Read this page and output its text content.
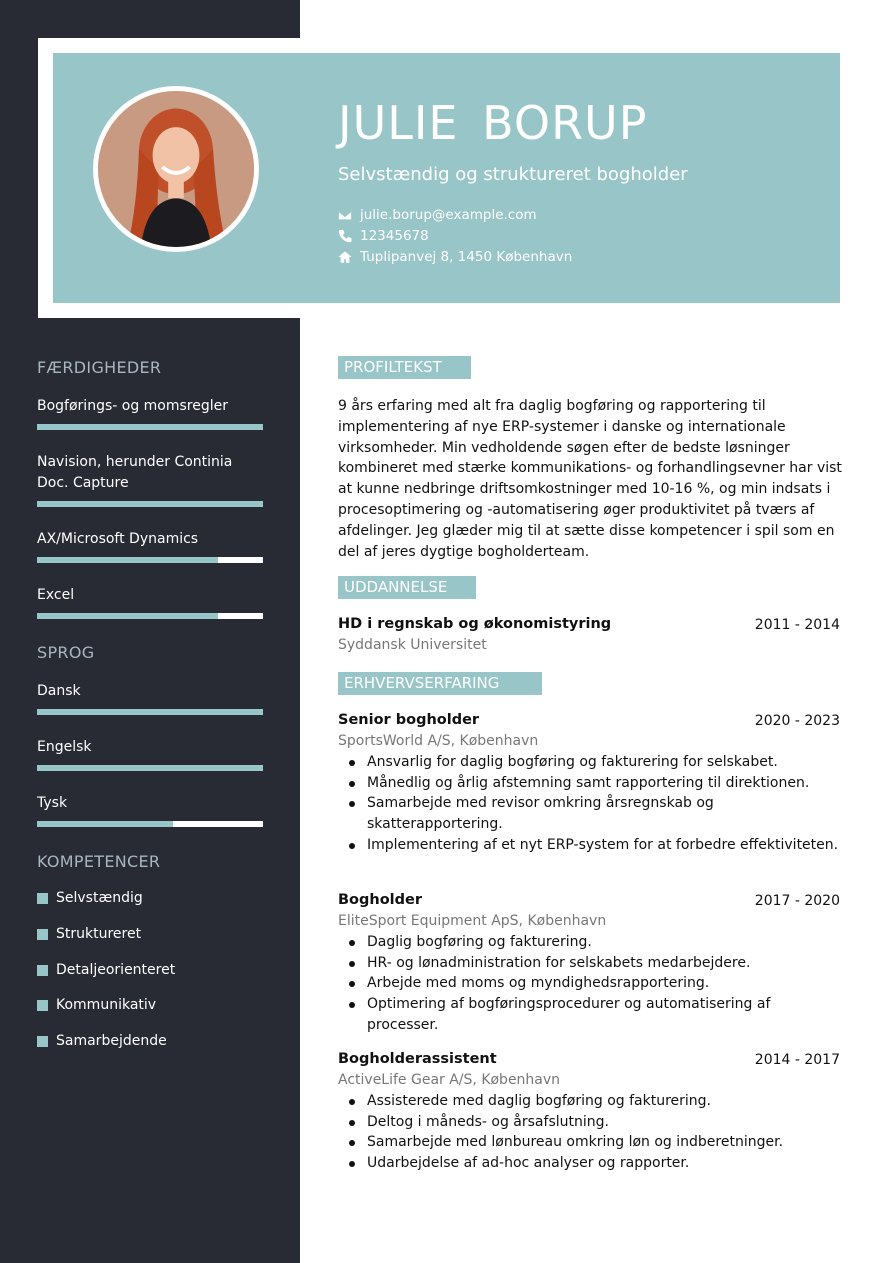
JULIE BORUP
Selvstændig og struktureret bogholder
julie.borup@example.com
12345678
Tuplipanvej 8, 1450 København
FÆRDIGHEDER
Bogførings- og momsregler
Navision, herunder Continia Doc. Capture
AX/Microsoft Dynamics
Excel
SPROG
Dansk
Engelsk
Tysk
KOMPETENCER
Selvstændig
Struktureret
Detaljeorienteret
Kommunikativ
Samarbejdende
PROFILTEKST
9 års erfaring med alt fra daglig bogføring og rapportering til implementering af nye ERP-systemer i danske og internationale virksomheder. Min vedholdende søgen efter de bedste løsninger kombineret med stærke kommunikations- og forhandlingsevner har vist at kunne nedbringe driftsomkostninger med 10-16 %, og min indsats i procesoptimering og -automatisering øger produktivitet på tværs af afdelinger. Jeg glæder mig til at sætte disse kompetencer i spil som en del af jeres dygtige bogholderteam.
UDDANNELSE
HD i regnskab og økonomistyring	2011 - 2014
Syddansk Universitet
ERHVERVSERFARING
Senior bogholder	2020 - 2023
SportsWorld A/S, København
Ansvarlig for daglig bogføring og fakturering for selskabet.
Månedlig og årlig afstemning samt rapportering til direktionen.
Samarbejde med revisor omkring årsregnskab og skatterapportering.
Implementering af et nyt ERP-system for at forbedre effektiviteten.
Bogholder	2017 - 2020
EliteSport Equipment ApS, København
Daglig bogføring og fakturering.
HR- og lønadministration for selskabets medarbejdere.
Arbejde med moms og myndighedsrapportering.
Optimering af bogføringsprocedurer og automatisering af processer.
Bogholderassistent	2014 - 2017
ActiveLife Gear A/S, København
Assisterede med daglig bogføring og fakturering.
Deltog i måneds- og årsafslutning.
Samarbejde med lønbureau omkring løn og indberetninger.
Udarbejdelse af ad-hoc analyser og rapporter.
